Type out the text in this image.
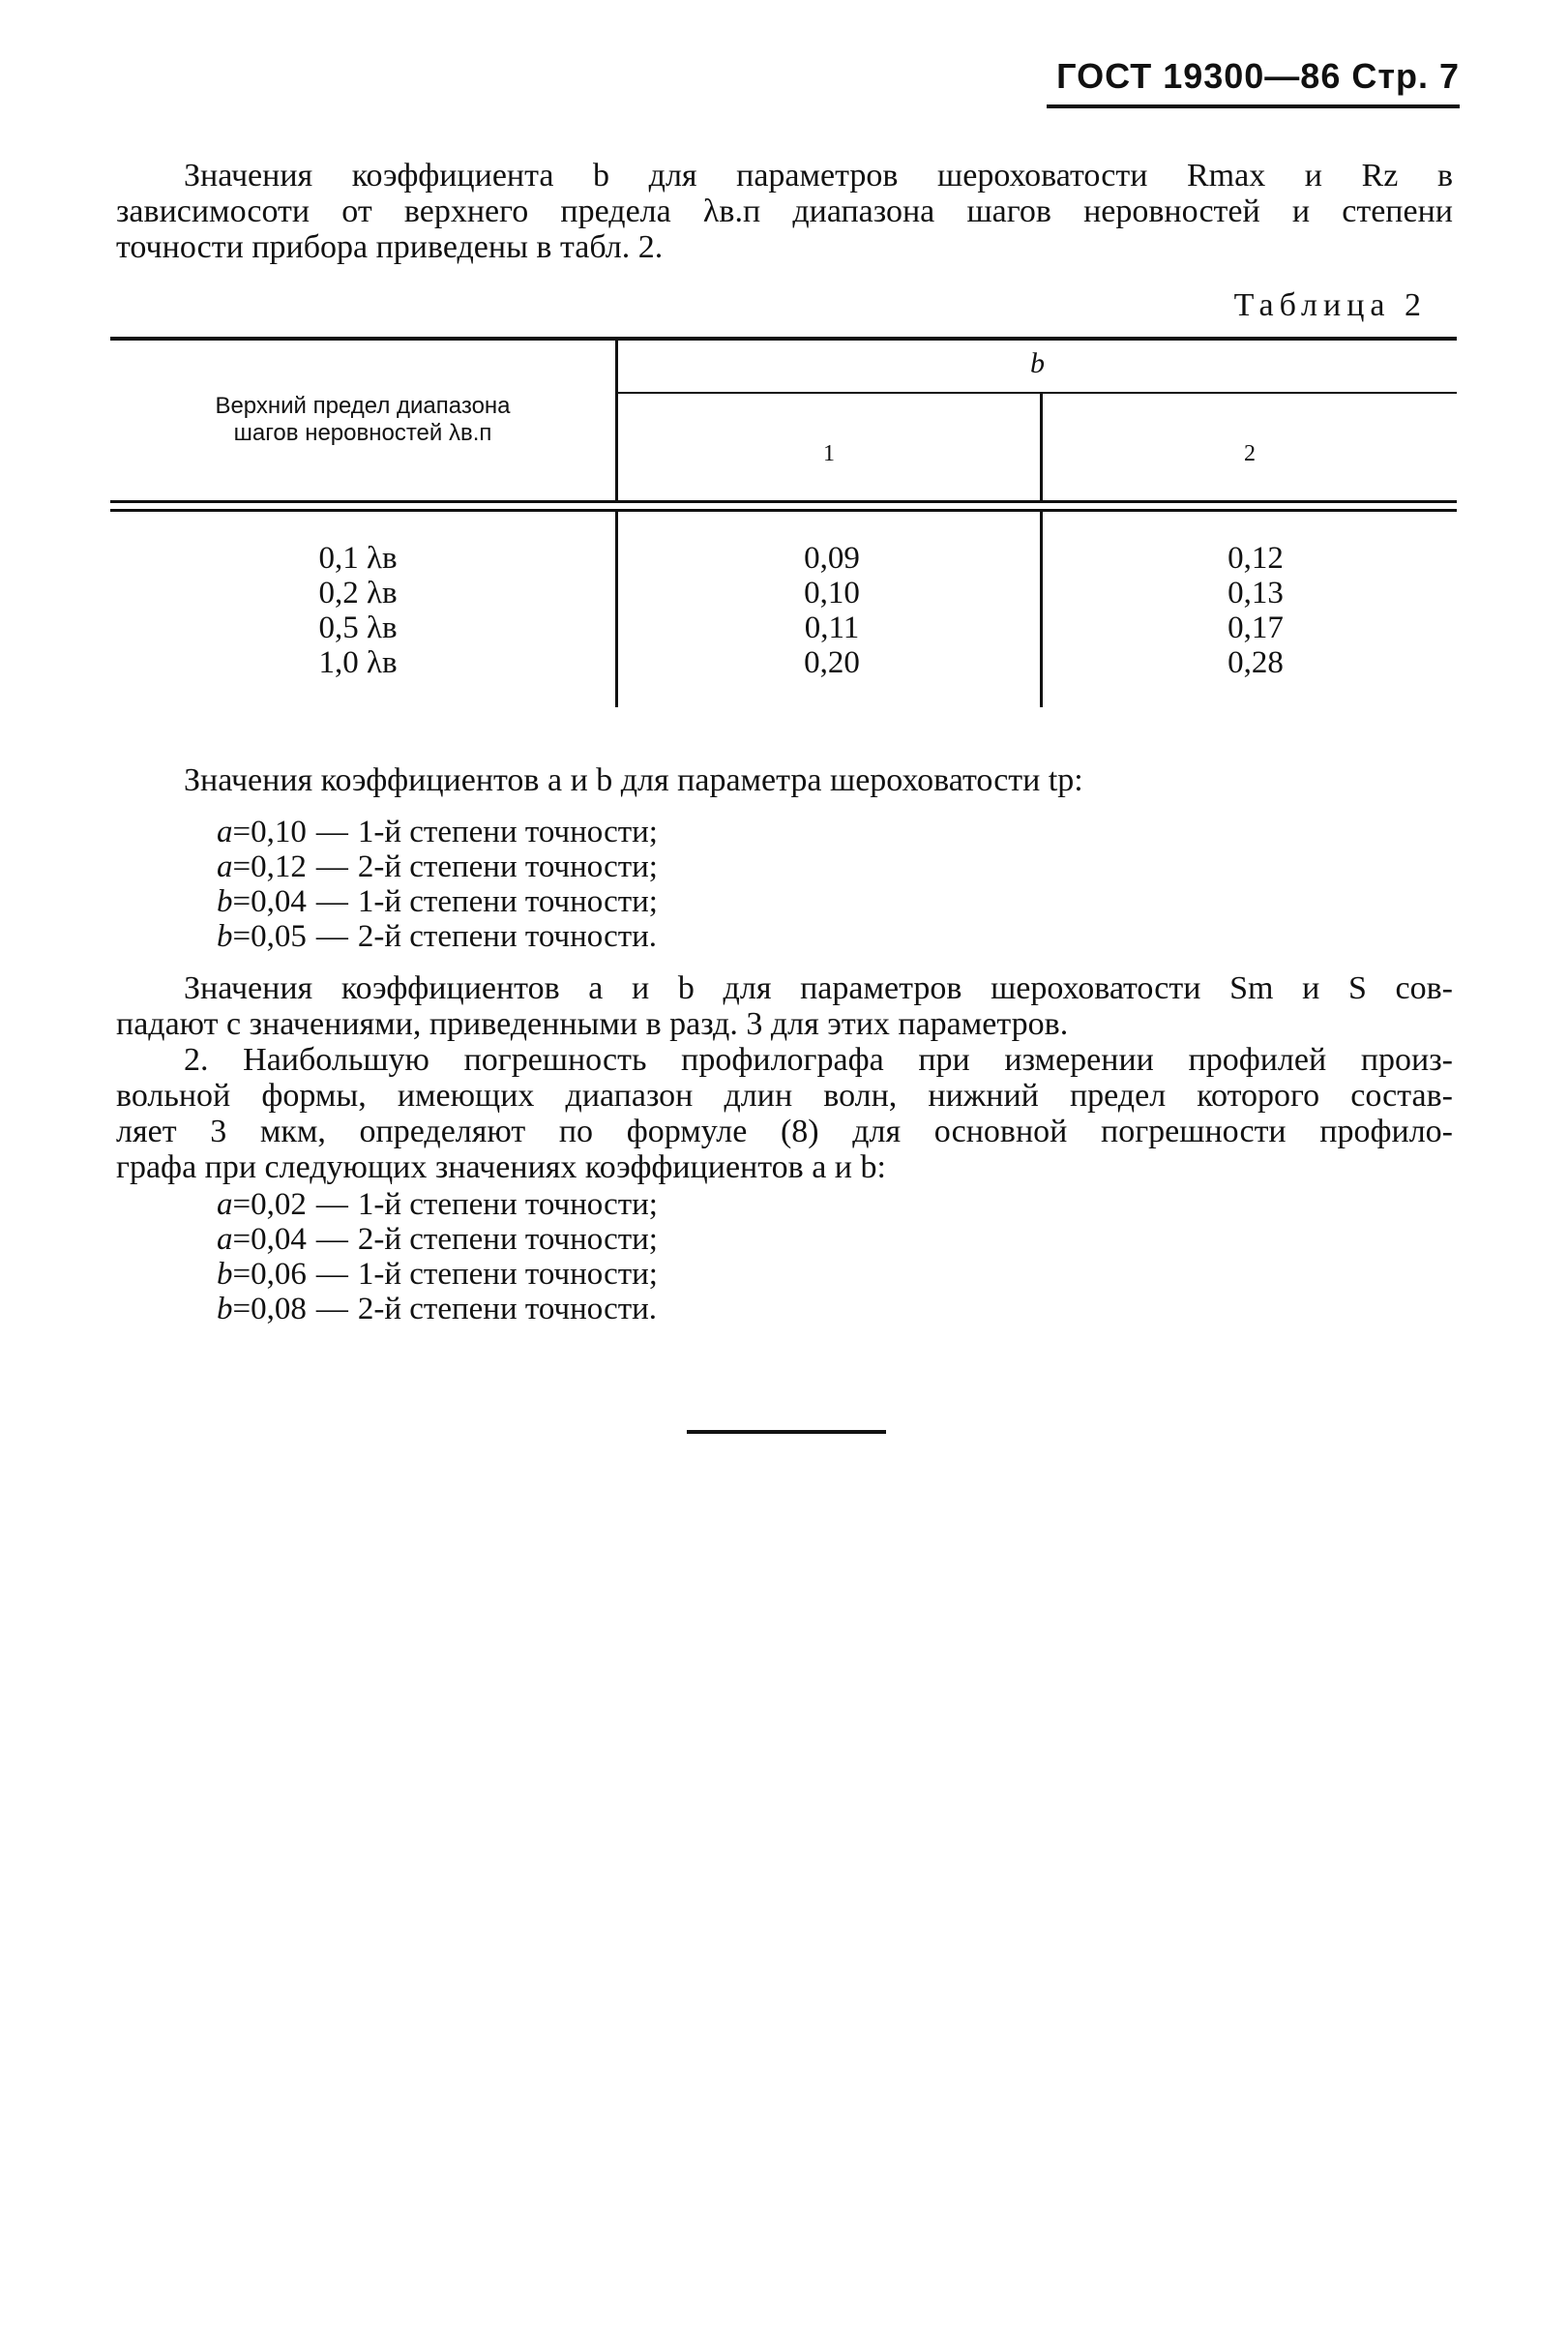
ГОСТ 19300—86 Стр. 7
Значения коэффициента b для параметров шероховатости Rmax и Rz в
зависимосоти от верхнего предела λв.п диапазона шагов неровностей и степени
точности прибора приведены в табл. 2.
Таблица 2
Верхний предел диапазона
шагов неровностей λв.п
b
1	2
0,1 λв
0,2 λв
0,5 λв
1,0 λв
0,09
0,10
0,11
0,20
0,12
0,13
0,17
0,28
Значения коэффициентов a и b для параметра шероховатости tp:
a=0,10 — 1-й степени точности;
a=0,12 — 2-й степени точности;
b=0,04 — 1-й степени точности;
b=0,05 — 2-й степени точности.
Значения коэффициентов a и b для параметров шероховатости Sm и S сов-
падают с значениями, приведенными в разд. 3 для этих параметров.
2. Наибольшую погрешность профилографа при измерении профилей произ-
вольной формы, имеющих диапазон длин волн, нижний предел которого состав-
ляет 3 мкм, определяют по формуле (8) для основной погрешности профило-
графа при следующих значениях коэффициентов a и b:
a=0,02 — 1-й степени точности;
a=0,04 — 2-й степени точности;
b=0,06 — 1-й степени точности;
b=0,08 — 2-й степени точности.
